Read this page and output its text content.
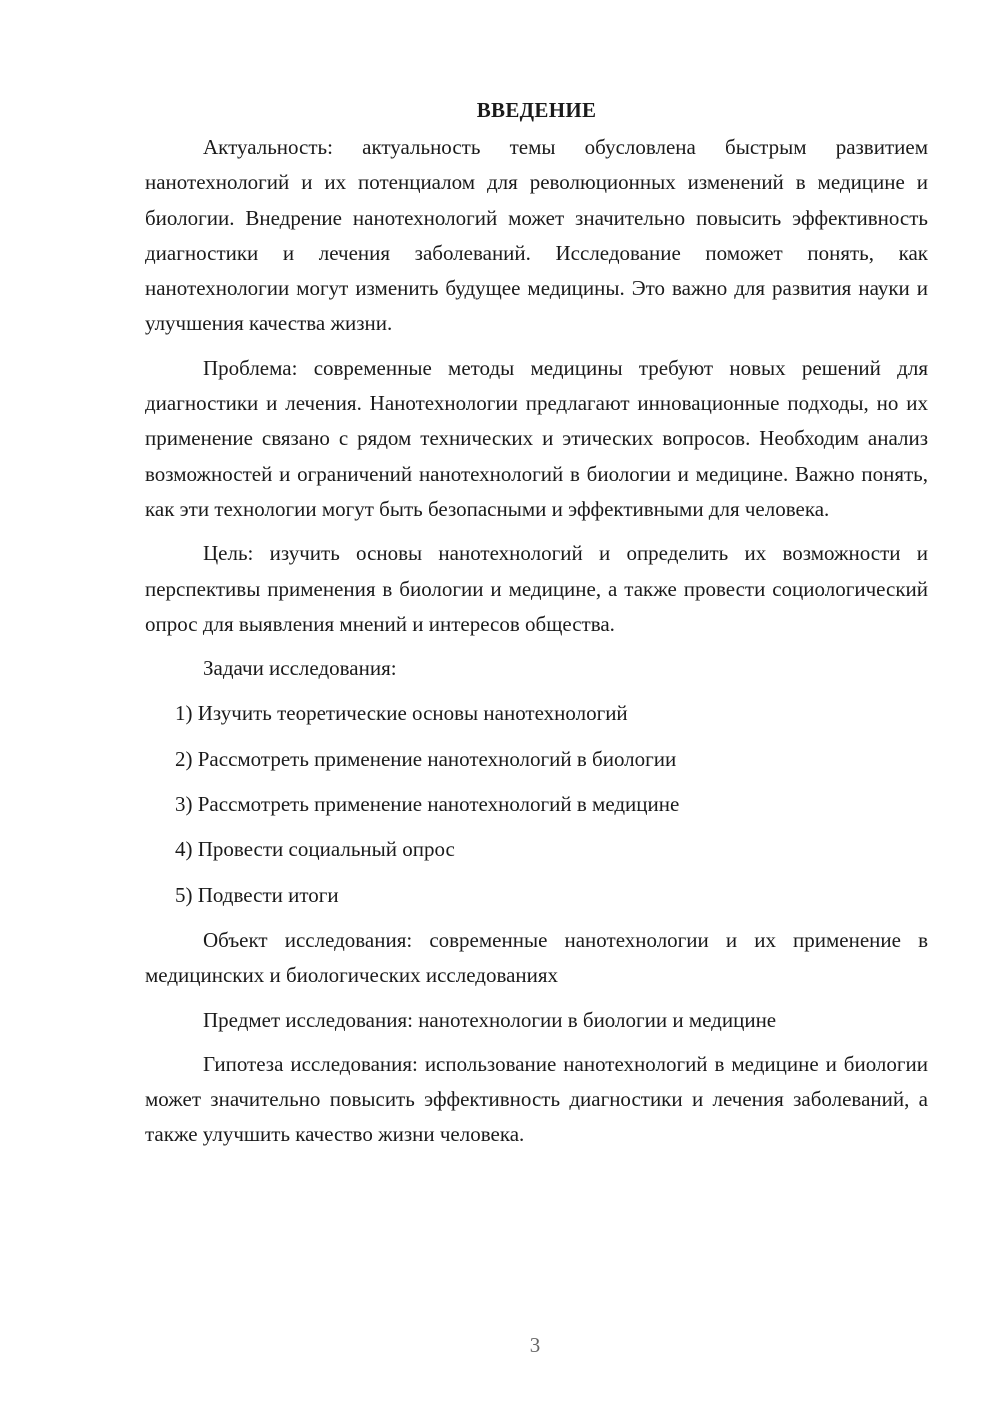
ВВЕДЕНИЕ

Актуальность: актуальность темы обусловлена быстрым развитием нанотехнологий и их потенциалом для революционных изменений в медицине и биологии. Внедрение нанотехнологий может значительно повысить эффективность диагностики и лечения заболеваний. Исследование поможет понять, как нанотехнологии могут изменить будущее медицины. Это важно для развития науки и улучшения качества жизни.

Проблема: современные методы медицины требуют новых решений для диагностики и лечения. Нанотехнологии предлагают инновационные подходы, но их применение связано с рядом технических и этических вопросов. Необходим анализ возможностей и ограничений нанотехнологий в биологии и медицине. Важно понять, как эти технологии могут быть безопасными и эффективными для человека.

Цель: изучить основы нанотехнологий и определить их возможности и перспективы применения в биологии и медицине, а также провести социологический опрос для выявления мнений и интересов общества.

Задачи исследования:

1) Изучить теоретические основы нанотехнологий
2) Рассмотреть применение нанотехнологий в биологии
3) Рассмотреть применение нанотехнологий в медицине
4) Провести социальный опрос
5) Подвести итоги

Объект исследования: современные нанотехнологии и их применение в медицинских и биологических исследованиях

Предмет исследования: нанотехнологии в биологии и медицине

Гипотеза исследования: использование нанотехнологий в медицине и биологии может значительно повысить эффективность диагностики и лечения заболеваний, а также улучшить качество жизни человека.

3
